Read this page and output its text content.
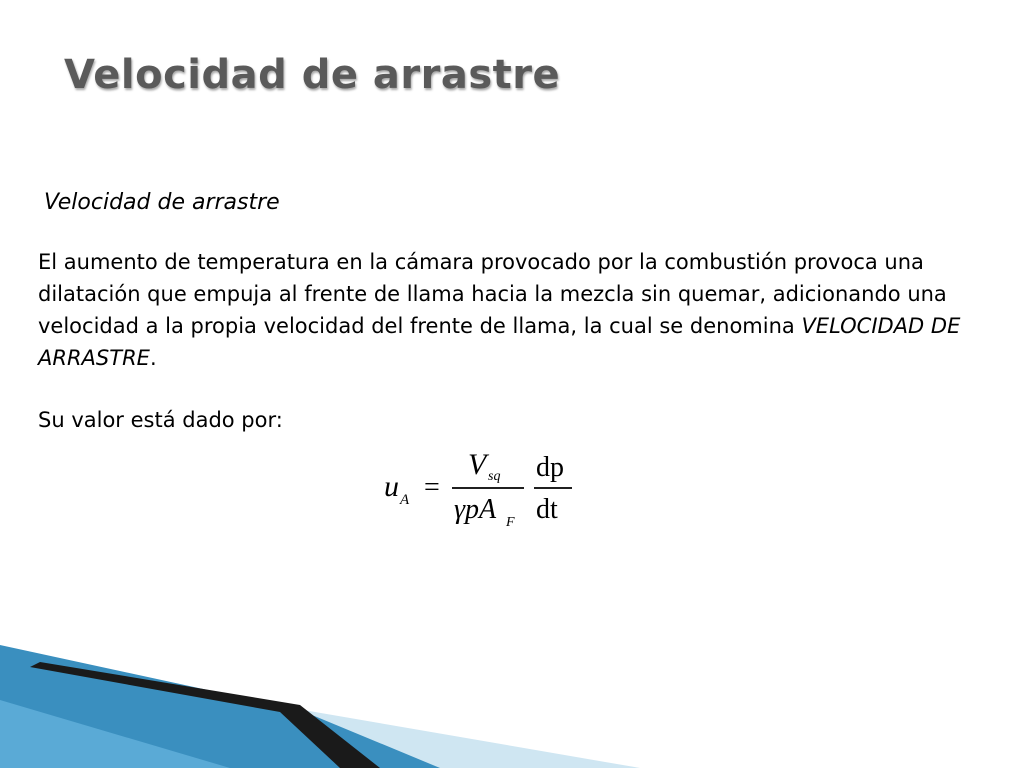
Velocidad de arrastre

Velocidad de arrastre

El aumento de temperatura en la cámara provocado por la combustión provoca una dilatación que empuja al frente de llama hacia la mezcla sin quemar, adicionando una velocidad a la propia velocidad del frente de llama, la cual se denomina VELOCIDAD DE ARRASTRE.

Su valor está dado por:

u A =
V sq
γpA F
dp
dt
